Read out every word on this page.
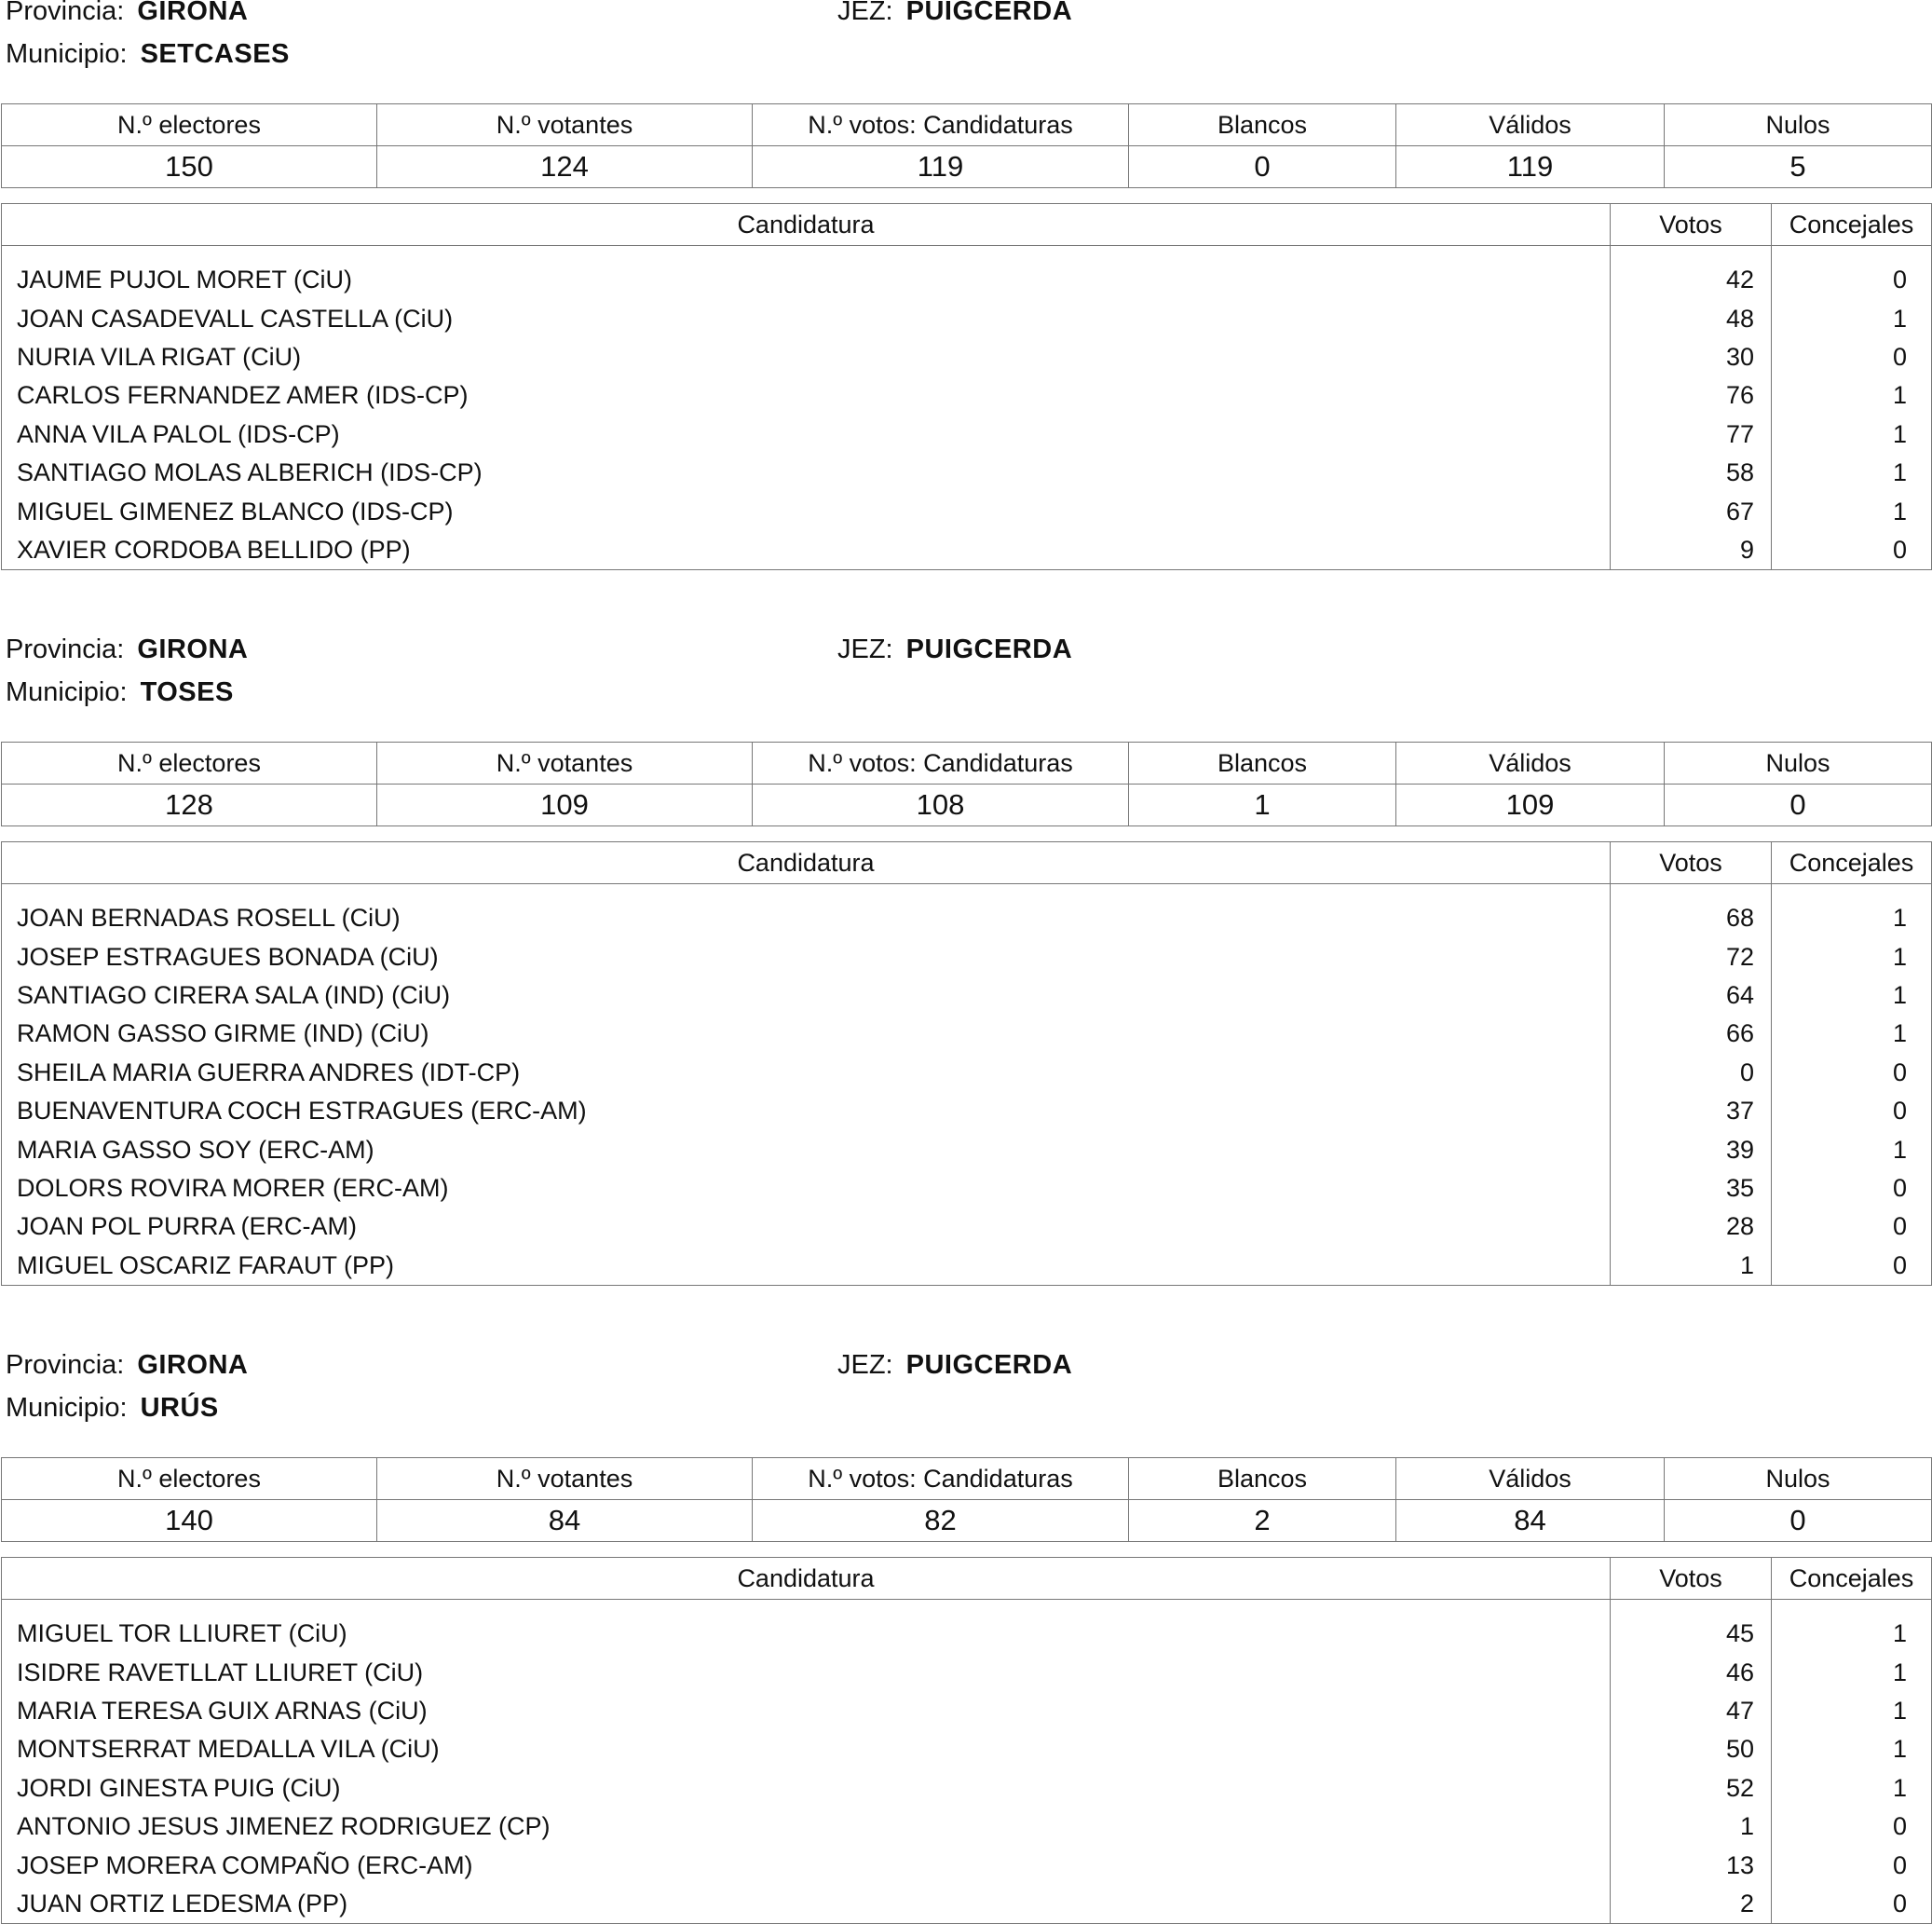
Provincia: GIRONA	JEZ: PUIGCERDA
Municipio: SETCASES
N.º electores	N.º votantes	N.º votos: Candidaturas	Blancos	Válidos	Nulos
150	124	119	0	119	5
Candidatura	Votos	Concejales
JAUME PUJOL MORET (CiU)	42	0
JOAN CASADEVALL CASTELLA (CiU)	48	1
NURIA VILA RIGAT (CiU)	30	0
CARLOS FERNANDEZ AMER (IDS-CP)	76	1
ANNA VILA PALOL (IDS-CP)	77	1
SANTIAGO MOLAS ALBERICH (IDS-CP)	58	1
MIGUEL GIMENEZ BLANCO (IDS-CP)	67	1
XAVIER CORDOBA BELLIDO (PP)	9	0
Provincia: GIRONA	JEZ: PUIGCERDA
Municipio: TOSES
N.º electores	N.º votantes	N.º votos: Candidaturas	Blancos	Válidos	Nulos
128	109	108	1	109	0
Candidatura	Votos	Concejales
JOAN BERNADAS ROSELL (CiU)	68	1
JOSEP ESTRAGUES BONADA (CiU)	72	1
SANTIAGO CIRERA SALA (IND) (CiU)	64	1
RAMON GASSO GIRME (IND) (CiU)	66	1
SHEILA MARIA GUERRA ANDRES (IDT-CP)	0	0
BUENAVENTURA COCH ESTRAGUES (ERC-AM)	37	0
MARIA GASSO SOY (ERC-AM)	39	1
DOLORS ROVIRA MORER (ERC-AM)	35	0
JOAN POL PURRA (ERC-AM)	28	0
MIGUEL OSCARIZ FARAUT (PP)	1	0
Provincia: GIRONA	JEZ: PUIGCERDA
Municipio: URÚS
N.º electores	N.º votantes	N.º votos: Candidaturas	Blancos	Válidos	Nulos
140	84	82	2	84	0
Candidatura	Votos	Concejales
MIGUEL TOR LLIURET (CiU)	45	1
ISIDRE RAVETLLAT LLIURET (CiU)	46	1
MARIA TERESA GUIX ARNAS (CiU)	47	1
MONTSERRAT MEDALLA VILA (CiU)	50	1
JORDI GINESTA PUIG (CiU)	52	1
ANTONIO JESUS JIMENEZ RODRIGUEZ (CP)	1	0
JOSEP MORERA COMPAÑO (ERC-AM)	13	0
JUAN ORTIZ LEDESMA (PP)	2	0
